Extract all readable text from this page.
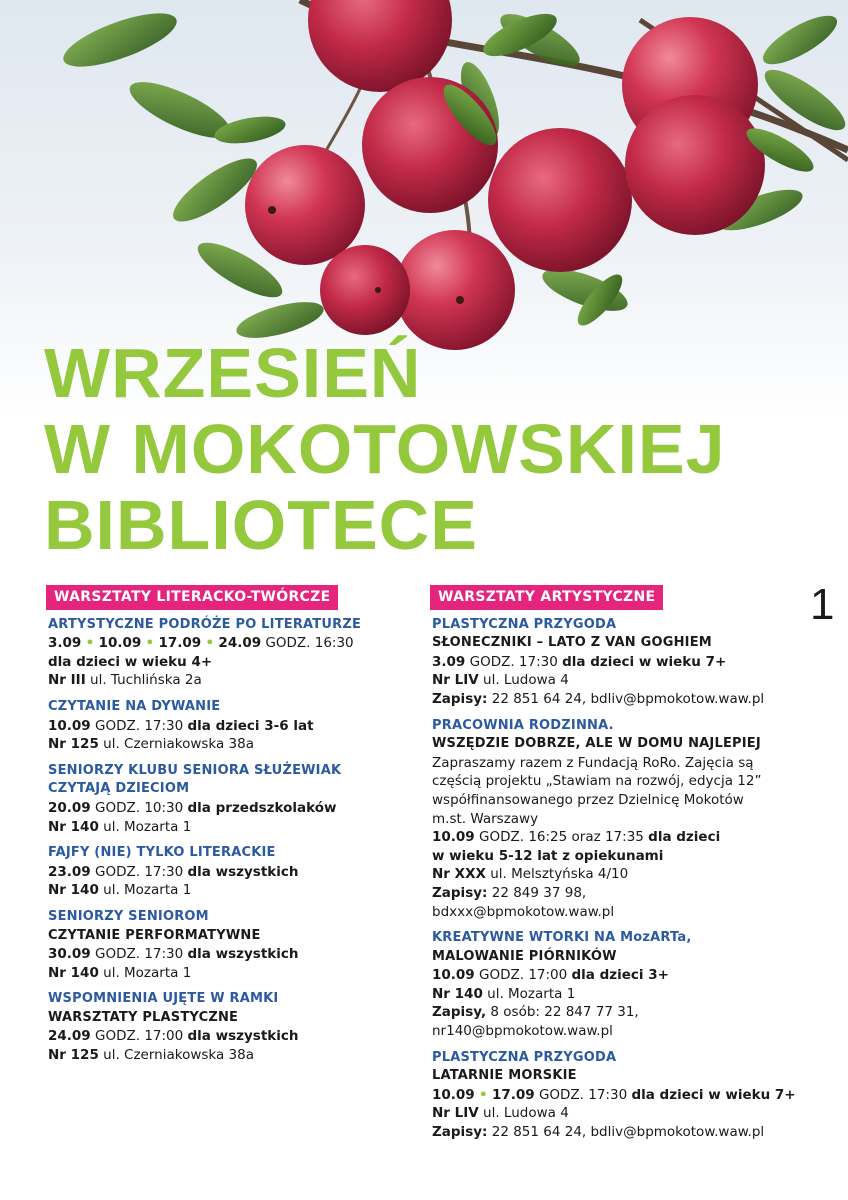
WRZESIEŃ
W MOKOTOWSKIEJ
BIBLIOTECE
1
WARSZTATY LITERACKO-TWÓRCZE
ARTYSTYCZNE PODRÓŻE PO LITERATURZE
3.09 • 10.09 • 17.09 • 24.09 GODZ. 16:30
dla dzieci w wieku 4+
Nr III ul. Tuchlińska 2a
CZYTANIE NA DYWANIE
10.09 GODZ. 17:30 dla dzieci 3-6 lat
Nr 125 ul. Czerniakowska 38a
SENIORZY KLUBU SENIORA SŁUŻEWIAK
CZYTAJĄ DZIECIOM
20.09 GODZ. 10:30 dla przedszkolaków
Nr 140 ul. Mozarta 1
FAJFY (NIE) TYLKO LITERACKIE
23.09 GODZ. 17:30 dla wszystkich
Nr 140 ul. Mozarta 1
SENIORZY SENIOROM
CZYTANIE PERFORMATYWNE
30.09 GODZ. 17:30 dla wszystkich
Nr 140 ul. Mozarta 1
WSPOMNIENIA UJĘTE W RAMKI
WARSZTATY PLASTYCZNE
24.09 GODZ. 17:00 dla wszystkich
Nr 125 ul. Czerniakowska 38a
WARSZTATY ARTYSTYCZNE
PLASTYCZNA PRZYGODA
SŁONECZNIKI – LATO Z VAN GOGHIEM
3.09 GODZ. 17:30 dla dzieci w wieku 7+
Nr LIV ul. Ludowa 4
Zapisy: 22 851 64 24, bdliv@bpmokotow.waw.pl
PRACOWNIA RODZINNA.
WSZĘDZIE DOBRZE, ALE W DOMU NAJLEPIEJ
Zapraszamy razem z Fundacją RoRo. Zajęcia są
częścią projektu „Stawiam na rozwój, edycja 12”
współfinansowanego przez Dzielnicę Mokotów
m.st. Warszawy
10.09 GODZ. 16:25 oraz 17:35 dla dzieci
w wieku 5-12 lat z opiekunami
Nr XXX ul. Melsztyńska 4/10
Zapisy: 22 849 37 98,
bdxxx@bpmokotow.waw.pl
KREATYWNE WTORKI NA MozARTa,
MALOWANIE PIÓRNIKÓW
10.09 GODZ. 17:00 dla dzieci 3+
Nr 140 ul. Mozarta 1
Zapisy, 8 osób: 22 847 77 31,
nr140@bpmokotow.waw.pl
PLASTYCZNA PRZYGODA
LATARNIE MORSKIE
10.09 • 17.09 GODZ. 17:30 dla dzieci w wieku 7+
Nr LIV ul. Ludowa 4
Zapisy: 22 851 64 24, bdliv@bpmokotow.waw.pl
